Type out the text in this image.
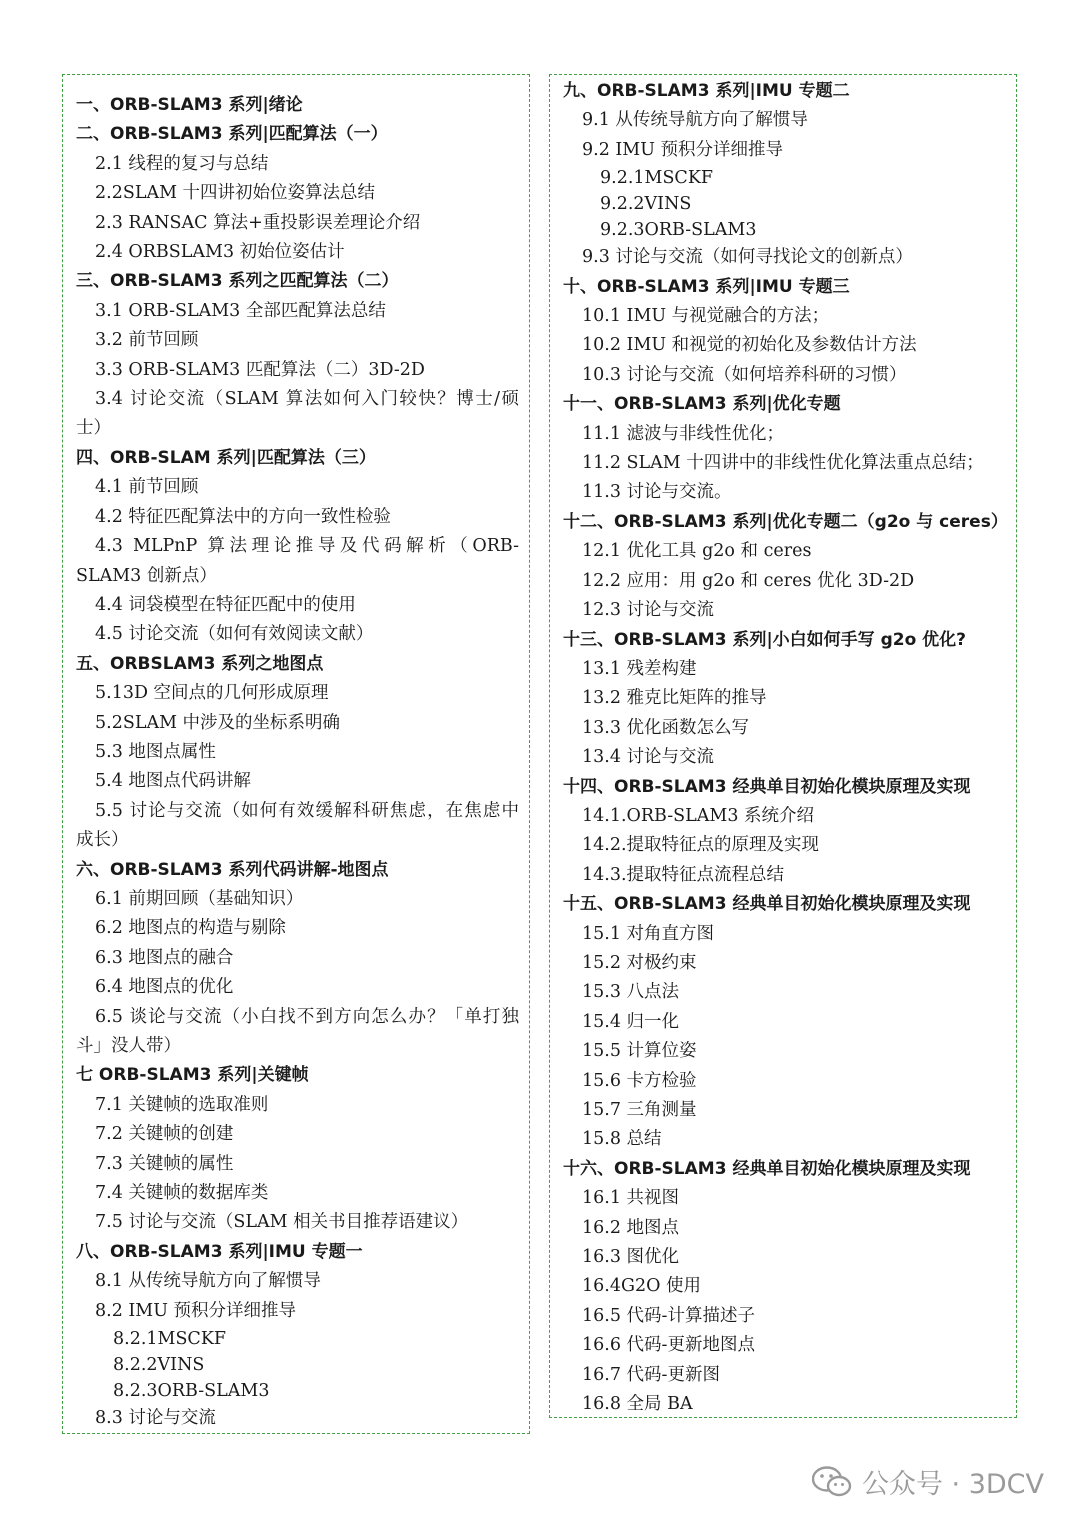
一、ORB-SLAM3 系列|绪论

二、ORB-SLAM3 系列|匹配算法（一）

2.1 线程的复习与总结

2.2SLAM 十四讲初始位姿算法总结

2.3 RANSAC 算法+重投影误差理论介绍

2.4 ORBSLAM3 初始位姿估计

三、ORB-SLAM3 系列之匹配算法（二）

3.1 ORB-SLAM3 全部匹配算法总结

3.2 前节回顾

3.3 ORB-SLAM3 匹配算法（二）3D-2D

3.4 讨论交流（SLAM 算法如何入门较快？博士/硕

士）

四、ORB-SLAM 系列|匹配算法（三）

4.1 前节回顾

4.2 特征匹配算法中的方向一致性检验

4.3 MLPnP 算法理论推导及代码解析（ORB-

SLAM3 创新点）

4.4 词袋模型在特征匹配中的使用

4.5 讨论交流（如何有效阅读文献）

五、ORBSLAM3 系列之地图点

5.13D 空间点的几何形成原理

5.2SLAM 中涉及的坐标系明确

5.3 地图点属性

5.4 地图点代码讲解

5.5 讨论与交流（如何有效缓解科研焦虑，在焦虑中

成长）

六、ORB-SLAM3 系列代码讲解-地图点

6.1 前期回顾（基础知识）

6.2 地图点的构造与剔除

6.3 地图点的融合

6.4 地图点的优化

6.5 谈论与交流（小白找不到方向怎么办？「单打独

斗」没人带）

七 ORB-SLAM3 系列|关键帧

7.1 关键帧的选取准则

7.2 关键帧的创建

7.3 关键帧的属性

7.4 关键帧的数据库类

7.5 讨论与交流（SLAM 相关书目推荐语建议）

八、ORB-SLAM3 系列|IMU 专题一

8.1 从传统导航方向了解惯导

8.2 IMU 预积分详细推导

8.2.1MSCKF

8.2.2VINS

8.2.3ORB-SLAM3

8.3 讨论与交流

九、ORB-SLAM3 系列|IMU 专题二

9.1 从传统导航方向了解惯导

9.2 IMU 预积分详细推导

9.2.1MSCKF

9.2.2VINS

9.2.3ORB-SLAM3

9.3 讨论与交流（如何寻找论文的创新点）

十、ORB-SLAM3 系列|IMU 专题三

10.1 IMU 与视觉融合的方法；

10.2 IMU 和视觉的初始化及参数估计方法

10.3 讨论与交流（如何培养科研的习惯）

十一、ORB-SLAM3 系列|优化专题

11.1 滤波与非线性优化；

11.2 SLAM 十四讲中的非线性优化算法重点总结；

11.3 讨论与交流。

十二、ORB-SLAM3 系列|优化专题二（g2o 与 ceres）

12.1 优化工具 g2o 和 ceres

12.2 应用：用 g2o 和 ceres 优化 3D-2D

12.3 讨论与交流

十三、ORB-SLAM3 系列|小白如何手写 g2o 优化?

13.1 残差构建

13.2 雅克比矩阵的推导

13.3 优化函数怎么写

13.4 讨论与交流

十四、ORB-SLAM3 经典单目初始化模块原理及实现

14.1.ORB-SLAM3 系统介绍

14.2.提取特征点的原理及实现

14.3.提取特征点流程总结

十五、ORB-SLAM3 经典单目初始化模块原理及实现

15.1 对角直方图

15.2 对极约束

15.3 八点法

15.4 归一化

15.5 计算位姿

15.6 卡方检验

15.7 三角测量

15.8 总结

十六、ORB-SLAM3 经典单目初始化模块原理及实现

16.1 共视图

16.2 地图点

16.3 图优化

16.4G2O 使用

16.5 代码-计算描述子

16.6 代码-更新地图点

16.7 代码-更新图

16.8 全局 BA

公众号 · 3DCV
